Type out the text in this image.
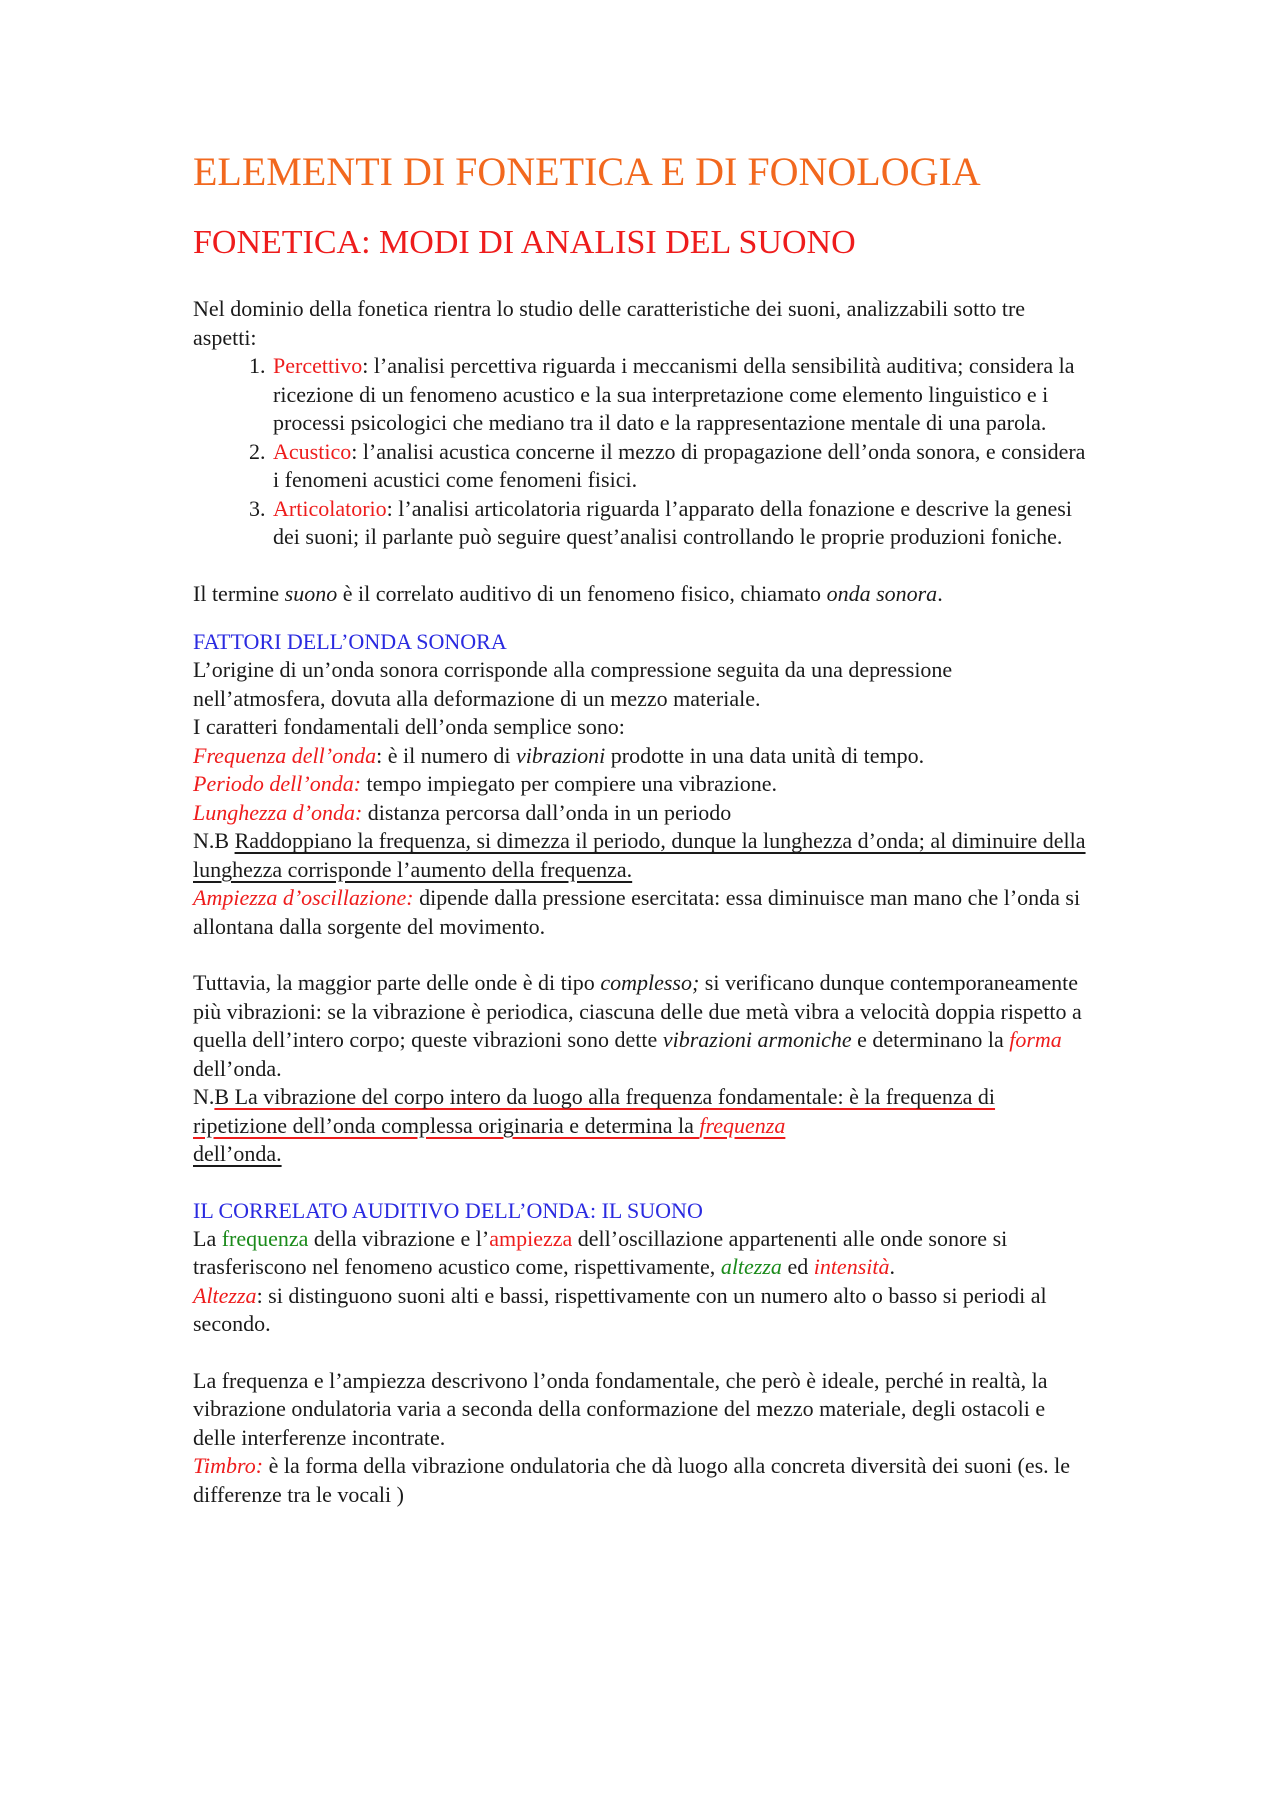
ELEMENTI DI FONETICA E DI FONOLOGIA
FONETICA: MODI DI ANALISI DEL SUONO

Nel dominio della fonetica rientra lo studio delle caratteristiche dei suoni, analizzabili sotto tre aspetti:

1. Percettivo: l’analisi percettiva riguarda i meccanismi della sensibilità auditiva; considera la ricezione di un fenomeno acustico e la sua interpretazione come elemento linguistico e i processi psicologici che mediano tra il dato e la rappresentazione mentale di una parola.
2. Acustico: l’analisi acustica concerne il mezzo di propagazione dell’onda sonora, e considera i fenomeni acustici come fenomeni fisici.
3. Articolatorio: l’analisi articolatoria riguarda l’apparato della fonazione e descrive la genesi dei suoni; il parlante può seguire quest’analisi controllando le proprie produzioni foniche.

Il termine suono è il correlato auditivo di un fenomeno fisico, chiamato onda sonora.

FATTORI DELL’ONDA SONORA

L’origine di un’onda sonora corrisponde alla compressione seguita da una depressione nell’atmosfera, dovuta alla deformazione di un mezzo materiale.

I caratteri fondamentali dell’onda semplice sono:

Frequenza dell’onda: è il numero di vibrazioni prodotte in una data unità di tempo.

Periodo dell’onda: tempo impiegato per compiere una vibrazione.

Lunghezza d’onda: distanza percorsa dall’onda in un periodo

N.B Raddoppiano la frequenza, si dimezza il periodo, dunque la lunghezza d’onda; al diminuire della lunghezza corrisponde l’aumento della frequenza.

Ampiezza d’oscillazione: dipende dalla pressione esercitata: essa diminuisce man mano che l’onda si allontana dalla sorgente del movimento.

Tuttavia, la maggior parte delle onde è di tipo complesso; si verificano dunque contemporaneamente più vibrazioni: se la vibrazione è periodica, ciascuna delle due metà vibra a velocità doppia rispetto a quella dell’intero corpo; queste vibrazioni sono dette vibrazioni armoniche e determinano la forma dell’onda.

N.B La vibrazione del corpo intero da luogo alla frequenza fondamentale: è la frequenza di ripetizione dell’onda complessa originaria e determina la frequenza
dell’onda.

IL CORRELATO AUDITIVO DELL’ONDA: IL SUONO

La frequenza della vibrazione e l’ampiezza dell’oscillazione appartenenti alle onde sonore si trasferiscono nel fenomeno acustico come, rispettivamente, altezza ed intensità.

Altezza: si distinguono suoni alti e bassi, rispettivamente con un numero alto o basso si periodi al secondo.

La frequenza e l’ampiezza descrivono l’onda fondamentale, che però è ideale, perché in realtà, la vibrazione ondulatoria varia a seconda della conformazione del mezzo materiale, degli ostacoli e delle interferenze incontrate.

Timbro: è la forma della vibrazione ondulatoria che dà luogo alla concreta diversità dei suoni (es. le differenze tra le vocali )
